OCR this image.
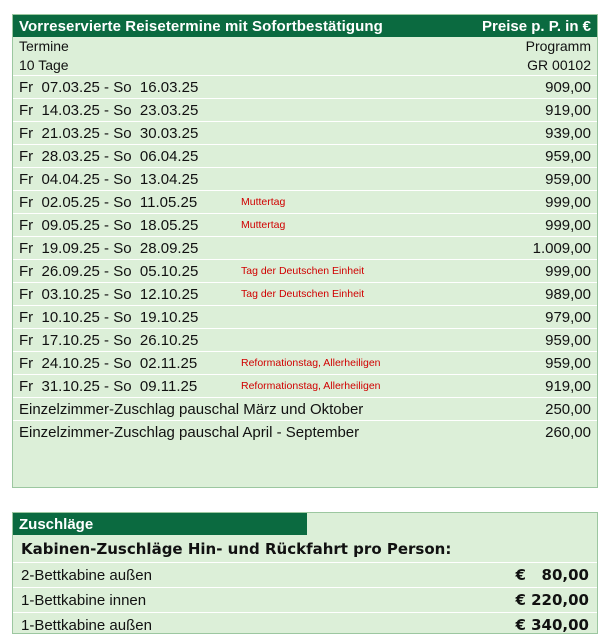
Vorreservierte Reisetermine mit Sofortbestätigung	Preise p. P. in €
Termine	Programm
10 Tage	GR 00102
Fr  07.03.25 - So  16.03.25	909,00
Fr  14.03.25 - So  23.03.25	919,00
Fr  21.03.25 - So  30.03.25	939,00
Fr  28.03.25 - So  06.04.25	959,00
Fr  04.04.25 - So  13.04.25	959,00
Fr  02.05.25 - So  11.05.25	Muttertag	999,00
Fr  09.05.25 - So  18.05.25	Muttertag	999,00
Fr  19.09.25 - So  28.09.25	1.009,00
Fr  26.09.25 - So  05.10.25	Tag der Deutschen Einheit	999,00
Fr  03.10.25 - So  12.10.25	Tag der Deutschen Einheit	989,00
Fr  10.10.25 - So  19.10.25	979,00
Fr  17.10.25 - So  26.10.25	959,00
Fr  24.10.25 - So  02.11.25	Reformationstag, Allerheiligen	959,00
Fr  31.10.25 - So  09.11.25	Reformationstag, Allerheiligen	919,00
Einzelzimmer-Zuschlag pauschal März und Oktober	250,00
Einzelzimmer-Zuschlag pauschal April - September	260,00
Zuschläge
Kabinen-Zuschläge Hin- und Rückfahrt pro Person:
2-Bettkabine außen	€   80,00
1-Bettkabine innen	€ 220,00
1-Bettkabine außen	€ 340,00
